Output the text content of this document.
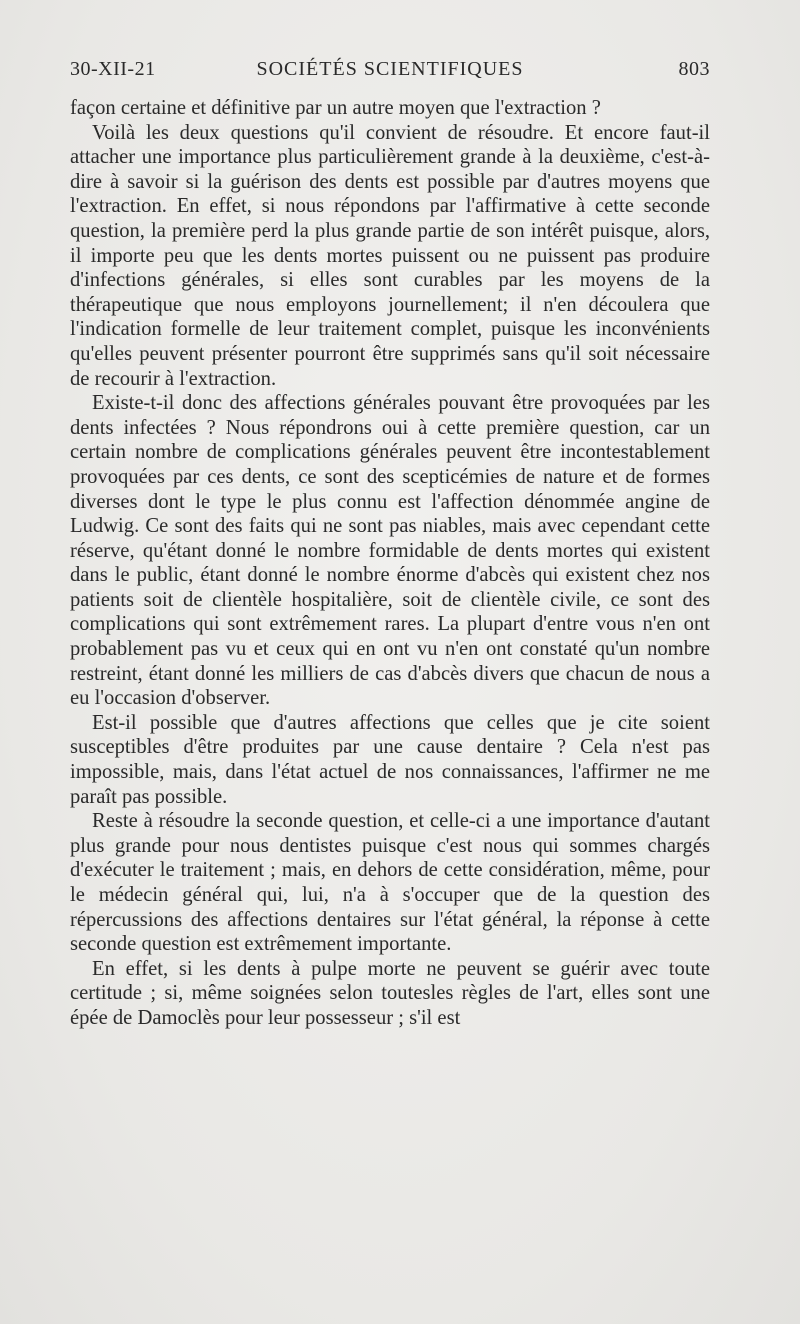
SOCIÉTÉS SCIENTIFIQUES
30-XII-21	803

façon certaine et définitive par un autre moyen que l'extraction ?

Voilà les deux questions qu'il convient de résoudre. Et encore faut-il attacher une importance plus particulièrement grande à la deuxième, c'est-à-dire à savoir si la guérison des dents est possible par d'autres moyens que l'extraction. En effet, si nous répondons par l'affirmative à cette seconde question, la première perd la plus grande partie de son intérêt puisque, alors, il importe peu que les dents mortes puissent ou ne puissent pas produire d'infections générales, si elles sont curables par les moyens de la thérapeutique que nous employons journellement; il n'en découlera que l'indication formelle de leur traitement complet, puisque les inconvénients qu'elles peuvent présenter pourront être supprimés sans qu'il soit nécessaire de recourir à l'extraction.

Existe-t-il donc des affections générales pouvant être provoquées par les dents infectées ? Nous répondrons oui à cette première question, car un certain nombre de complications générales peuvent être incontestablement provoquées par ces dents, ce sont des scepticémies de nature et de formes diverses dont le type le plus connu est l'affection dénommée angine de Ludwig. Ce sont des faits qui ne sont pas niables, mais avec cependant cette réserve, qu'étant donné le nombre formidable de dents mortes qui existent dans le public, étant donné le nombre énorme d'abcès qui existent chez nos patients soit de clientèle hospitalière, soit de clientèle civile, ce sont des complications qui sont extrêmement rares. La plupart d'entre vous n'en ont probablement pas vu et ceux qui en ont vu n'en ont constaté qu'un nombre restreint, étant donné les milliers de cas d'abcès divers que chacun de nous a eu l'occasion d'observer.

Est-il possible que d'autres affections que celles que je cite soient susceptibles d'être produites par une cause dentaire ? Cela n'est pas impossible, mais, dans l'état actuel de nos connaissances, l'affirmer ne me paraît pas possible.

Reste à résoudre la seconde question, et celle-ci a une importance d'autant plus grande pour nous dentistes puisque c'est nous qui sommes chargés d'exécuter le traitement ; mais, en dehors de cette considération, même, pour le médecin général qui, lui, n'a à s'occuper que de la question des répercussions des affections dentaires sur l'état général, la réponse à cette seconde question est extrêmement importante.

En effet, si les dents à pulpe morte ne peuvent se guérir avec toute certitude ; si, même soignées selon toutesles règles de l'art, elles sont une épée de Damoclès pour leur possesseur ; s'il est
